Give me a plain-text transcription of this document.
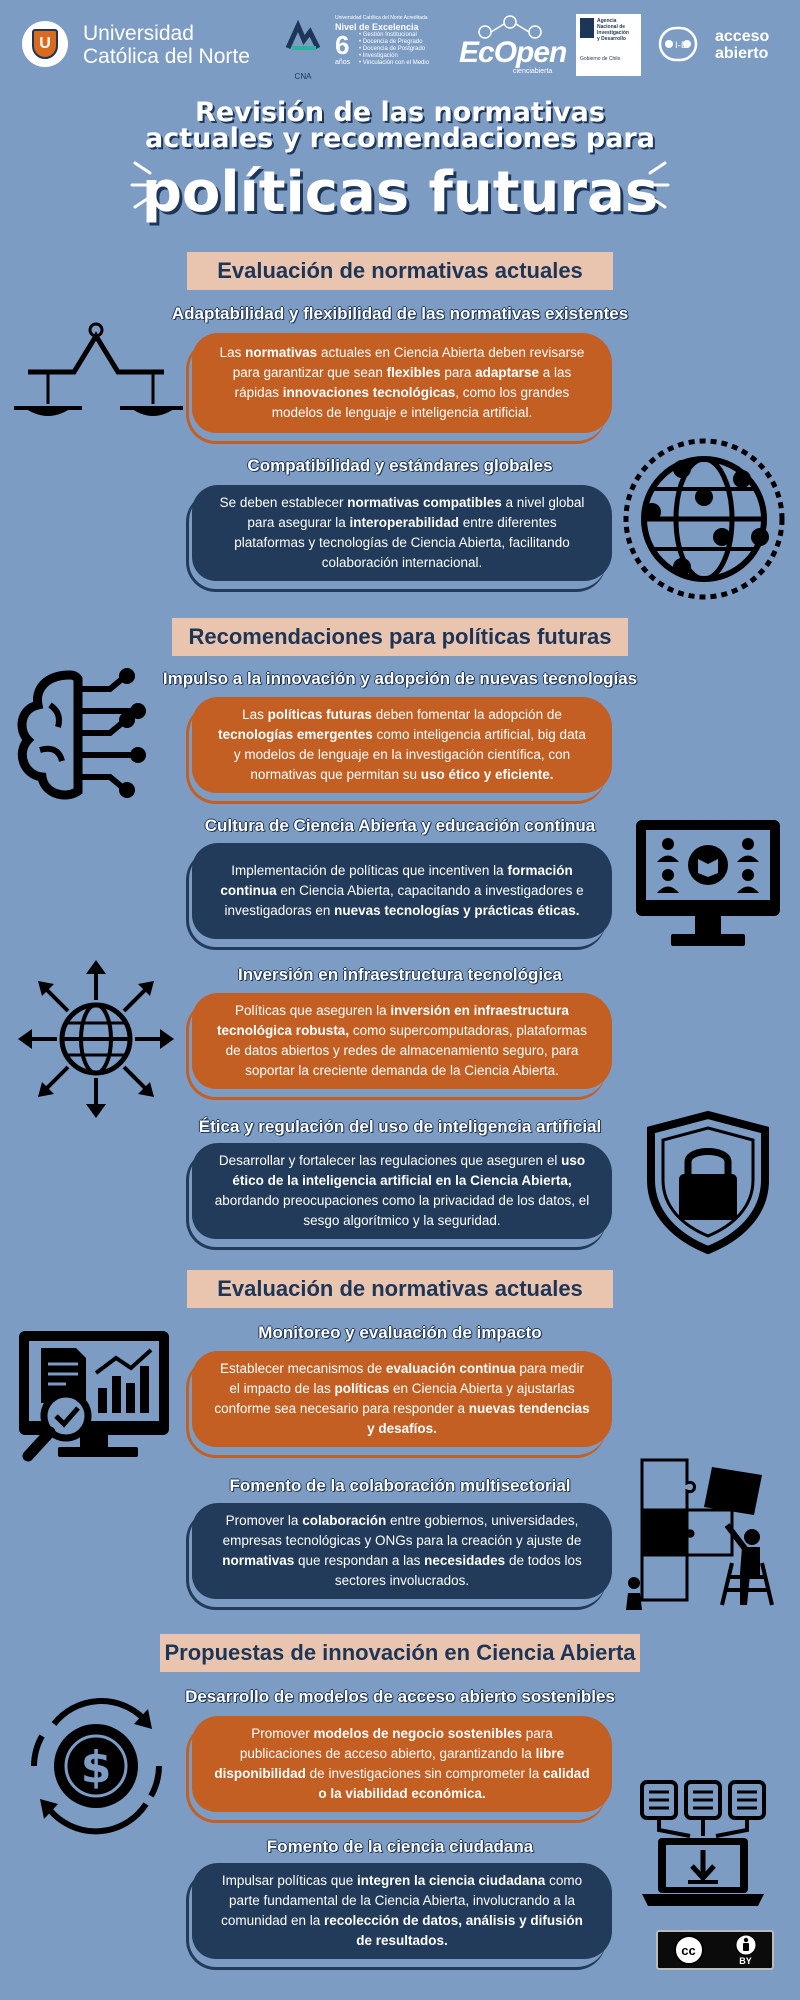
U	Universidad
Católica del Norte
CNA
Universidad Católica del Norte Acreditada
Nivel de Excelencia
6
años
• Gestión Institucional
• Docencia de Pregrado
• Docencia de Postgrado
• Investigación
• Vinculación con el Medio EcOpen
cienciabierta
Agencia
Nacional de
Investigación
y Desarrollo
Gobierno de Chile
I-D
acceso
abierto
Revisión de las normativas
actuales y recomendaciones para
políticas futuras
Evaluación de normativas actuales
Adaptabilidad y flexibilidad de las normativas existentes
Las normativas actuales en Ciencia Abierta deben revisarse para garantizar que sean flexibles para adaptarse a las rápidas innovaciones tecnológicas, como los grandes modelos de lenguaje e inteligencia artificial.
Compatibilidad y estándares globales
Se deben establecer normativas compatibles a nivel global para asegurar la interoperabilidad entre diferentes plataformas y tecnologías de Ciencia Abierta, facilitando colaboración internacional.
Recomendaciones para políticas futuras
Impulso a la innovación y adopción de nuevas tecnologías
Las políticas futuras deben fomentar la adopción de tecnologías emergentes como inteligencia artificial, big data y modelos de lenguaje en la investigación científica, con normativas que permitan su uso ético y eficiente.
Cultura de Ciencia Abierta y educación continua
Implementación de políticas que incentiven la formación continua en Ciencia Abierta, capacitando a investigadores e investigadoras en nuevas tecnologías y prácticas éticas.
Inversión en infraestructura tecnológica
Políticas que aseguren la inversión en infraestructura tecnológica robusta, como supercomputadoras, plataformas de datos abiertos y redes de almacenamiento seguro, para soportar la creciente demanda de la Ciencia Abierta.
Ética y regulación del uso de inteligencia artificial
Desarrollar y fortalecer las regulaciones que aseguren el uso ético de la inteligencia artificial en la Ciencia Abierta, abordando preocupaciones como la privacidad de los datos, el sesgo algorítmico y la seguridad.
Evaluación de normativas actuales
Monitoreo y evaluación de impacto
Establecer mecanismos de evaluación continua para medir el impacto de las políticas en Ciencia Abierta y ajustarlas conforme sea necesario para responder a nuevas tendencias y desafíos.
Fomento de la colaboración multisectorial
Promover la colaboración entre gobiernos, universidades, empresas tecnológicas y ONGs para la creación y ajuste de normativas que respondan a las necesidades de todos los sectores involucrados.
Propuestas de innovación en Ciencia Abierta
Desarrollo de modelos de acceso abierto sostenibles
Promover modelos de negocio sostenibles para publicaciones de acceso abierto, garantizando la libre disponibilidad de investigaciones sin comprometer la calidad o la viabilidad económica.
$
Fomento de la ciencia ciudadana
Impulsar políticas que integren la ciencia ciudadana como parte fundamental de la Ciencia Abierta, involucrando a la comunidad en la recolección de datos, análisis y difusión de resultados.
cc
BY
